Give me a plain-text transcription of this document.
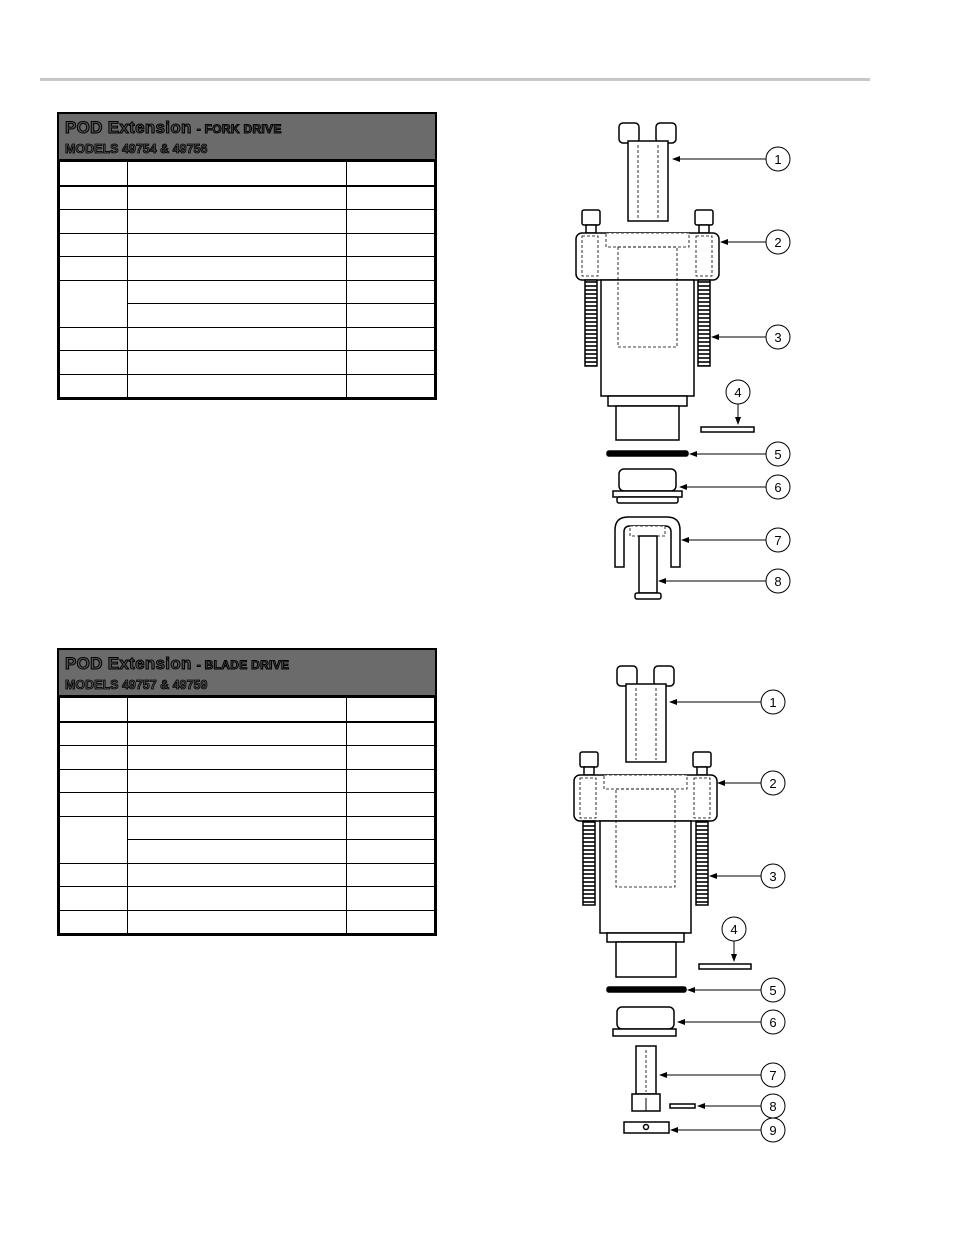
POD Extension - FORK DRIVE
MODELS 49754 & 49756

POD Extension - BLADE DRIVE
MODELS 49757 & 49759

1
2
3
4
5
6
7
8
1
2
3
4
5
6
7
8
9
